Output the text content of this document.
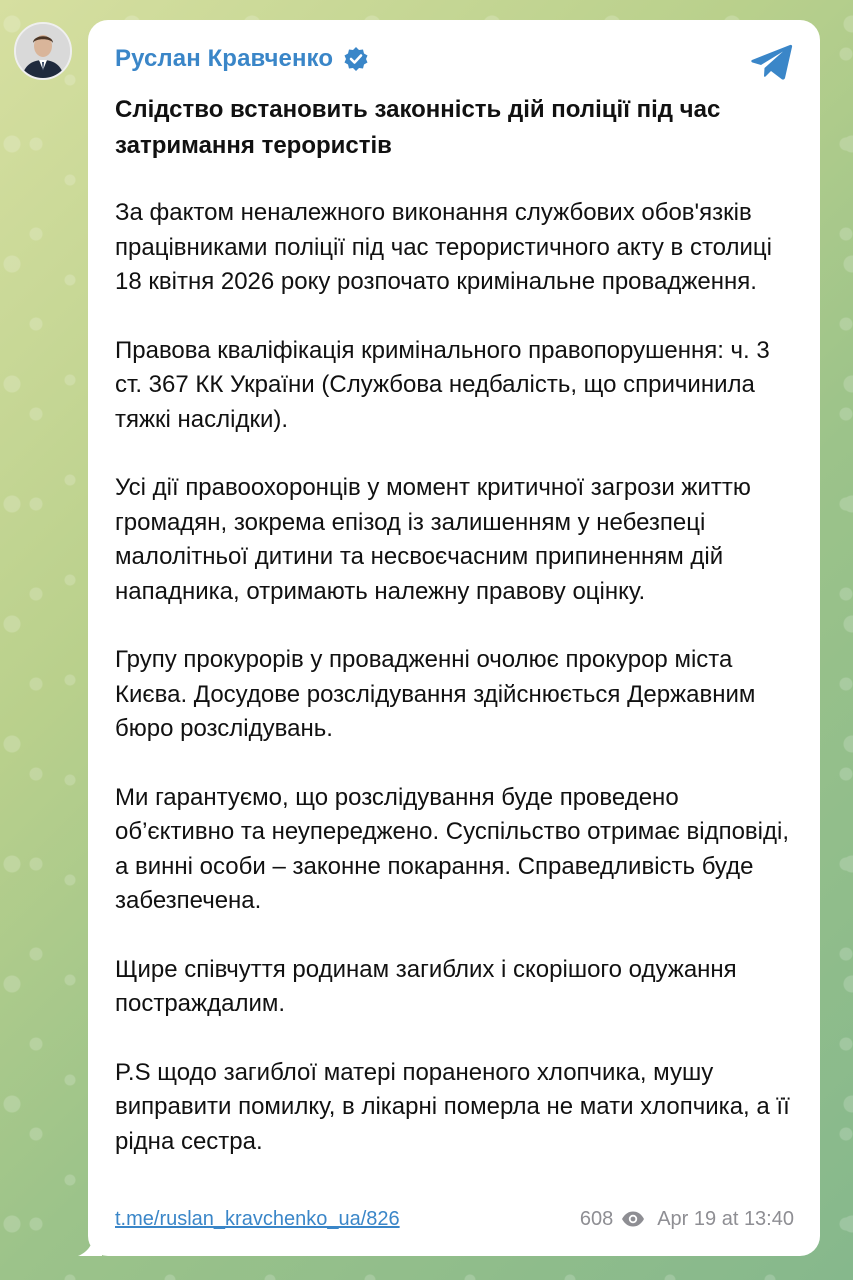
Руслан Кравченко
Слідство встановить законність дій поліції під час затримання терористів

За фактом неналежного виконання службових обов'язків працівниками поліції під час терористичного акту в столиці 18 квітня 2026 року розпочато кримінальне провадження.

Правова кваліфікація кримінального правопорушення: ч. 3 ст. 367 КК України (Службова недбалість, що спричинила тяжкі наслідки).

Усі дії правоохоронців у момент критичної загрози життю громадян, зокрема епізод із залишенням у небезпеці малолітньої дитини та несвоєчасним припиненням дій нападника, отримають належну правову оцінку.

Групу прокурорів у провадженні очолює прокурор міста Києва. Досудове розслідування здійснюється Державним бюро розслідувань.

Ми гарантуємо, що розслідування буде проведено об’єктивно та неупереджено. Суспільство отримає відповіді, а винні особи – законне покарання. Справедливість буде забезпечена.

Щире співчуття родинам загиблих і скорішого одужання постраждалим.

P.S щодо загиблої матері пораненого хлопчика, мушу виправити помилку, в лікарні померла не мати хлопчика, а її рідна сестра.

t.me/ruslan_kravchenko_ua/826	608 Apr 19 at 13:40
